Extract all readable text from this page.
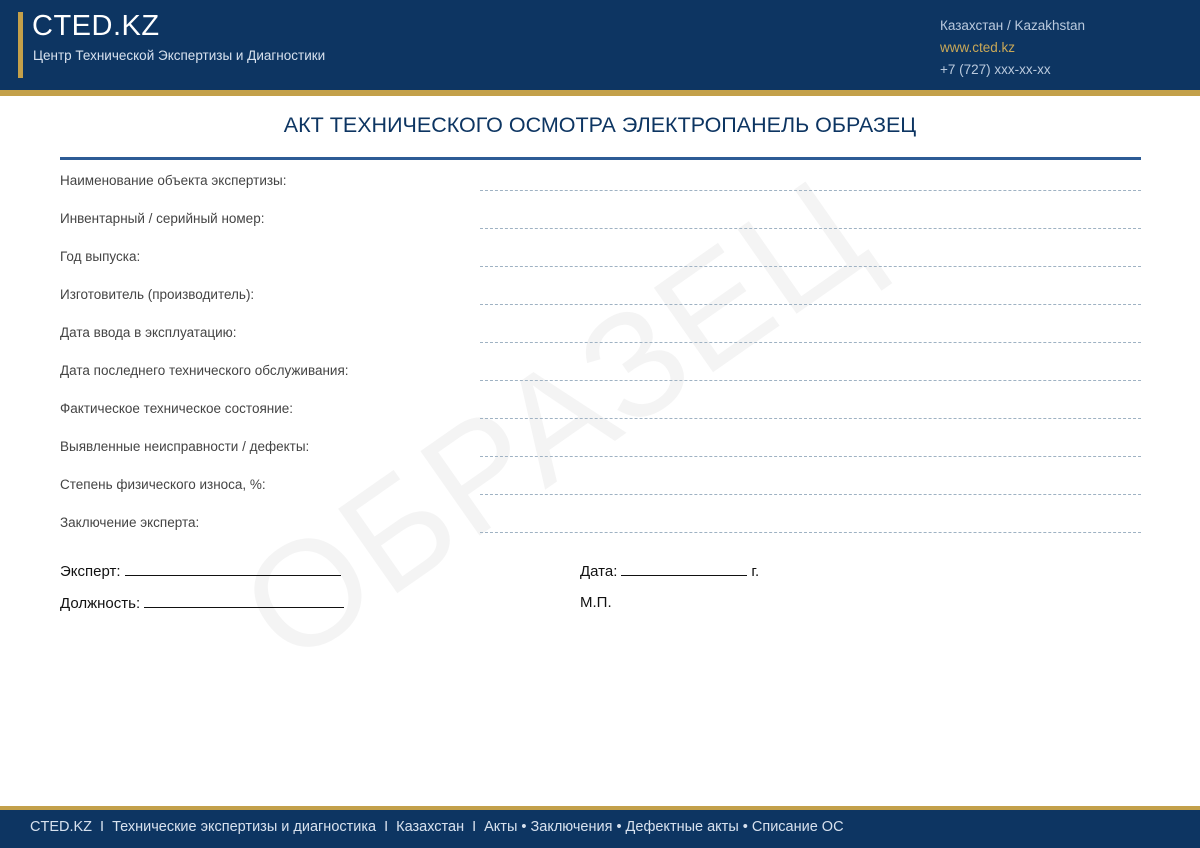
CTED.KZ
Центр Технической Экспертизы и Диагностики
Казахстан / Kazakhstan
www.cted.kz
+7 (727) xxx-xx-xx
АКТ ТЕХНИЧЕСКОГО ОСМОТРА ЭЛЕКТРОПАНЕЛЬ ОБРАЗЕЦ
Наименование объекта экспертизы:
Инвентарный / серийный номер:
Год выпуска:
Изготовитель (производитель):
Дата ввода в эксплуатацию:
Дата последнего технического обслуживания:
Фактическое техническое состояние:
Выявленные неисправности / дефекты:
Степень физического износа, %:
Заключение эксперта:
Эксперт:
Должность:
Дата:	г.
М.П.
CTED.KZ I Технические экспертизы и диагностика I Казахстан I Акты • Заключения • Дефектные акты • Списание ОС
